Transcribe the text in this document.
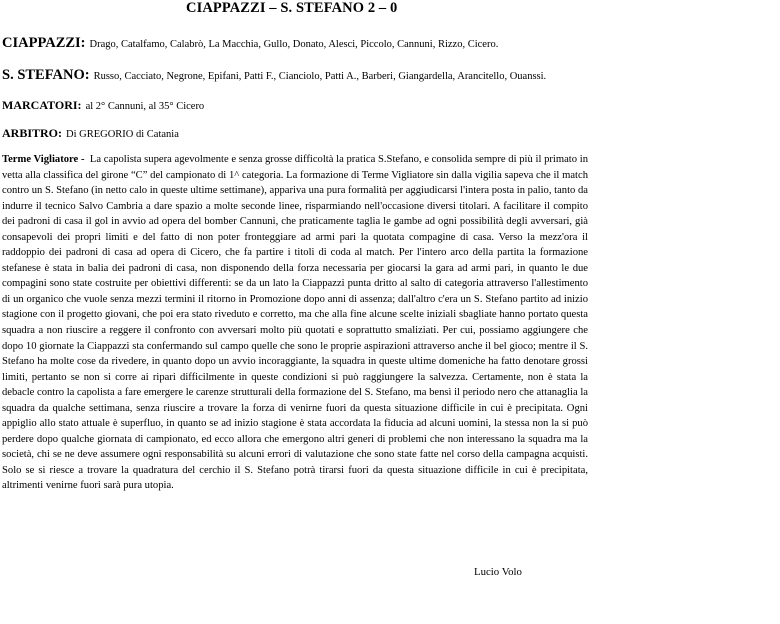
CIAPPAZZI – S. STEFANO 2 – 0
CIAPPAZZI: Drago, Catalfamo, Calabrò, La Macchia, Gullo, Donato, Alesci, Piccolo, Cannuni, Rizzo, Cicero.
S. STEFANO: Russo, Cacciato, Negrone, Epifani, Patti F., Cianciolo, Patti A., Barberi, Giangardella, Arancitello, Ouanssi.
MARCATORI: al 2° Cannuni, al 35° Cicero
ARBITRO: Di GREGORIO di Catania
Terme Vigliatore - La capolista supera agevolmente e senza grosse difficoltà la pratica S.Stefano, e consolida sempre di più il primato in vetta alla classifica del girone “C” del campionato di 1^ categoria. La formazione di Terme Vigliatore sin dalla vigilia sapeva che il match contro un S. Stefano (in netto calo in queste ultime settimane), appariva una pura formalità per aggiudicarsi l'intera posta in palio, tanto da indurre il tecnico Salvo Cambria a dare spazio a molte seconde linee, risparmiando nell'occasione diversi titolari. A facilitare il compito dei padroni di casa il gol in avvio ad opera del bomber Cannuni, che praticamente taglia le gambe ad ogni possibilità degli avversari, già consapevoli dei propri limiti e del fatto di non poter fronteggiare ad armi pari la quotata compagine di casa. Verso la mezz'ora il raddoppio dei padroni di casa ad opera di Cicero, che fa partire i titoli di coda al match. Per l'intero arco della partita la formazione stefanese è stata in balia dei padroni di casa, non disponendo della forza necessaria per giocarsi la gara ad armi pari, in quanto le due compagini sono state costruite per obiettivi differenti: se da un lato la Ciappazzi punta dritto al salto di categoria attraverso l'allestimento di un organico che vuole senza mezzi termini il ritorno in Promozione dopo anni di assenza; dall'altro c'era un S. Stefano partito ad inizio stagione con il progetto giovani, che poi era stato riveduto e corretto, ma che alla fine alcune scelte iniziali sbagliate hanno portato questa squadra a non riuscire a reggere il confronto con avversari molto più quotati e soprattutto smaliziati. Per cui, possiamo aggiungere che dopo 10 giornate la Ciappazzi sta confermando sul campo quelle che sono le proprie aspirazioni attraverso anche il bel gioco; mentre il S. Stefano ha molte cose da rivedere, in quanto dopo un avvio incoraggiante, la squadra in queste ultime domeniche ha fatto denotare grossi limiti, pertanto se non si corre ai ripari difficilmente in queste condizioni si può raggiungere la salvezza. Certamente, non è stata la debacle contro la capolista a fare emergere le carenze strutturali della formazione del S. Stefano, ma bensì il periodo nero che attanaglia la squadra da qualche settimana, senza riuscire a trovare la forza di venirne fuori da questa situazione difficile in cui è precipitata. Ogni appiglio allo stato attuale è superfluo, in quanto se ad inizio stagione è stata accordata la fiducia ad alcuni uomini, la stessa non la si può perdere dopo qualche giornata di campionato, ed ecco allora che emergono altri generi di problemi che non interessano la squadra ma la società, chi se ne deve assumere ogni responsabilità su alcuni errori di valutazione che sono state fatte nel corso della campagna acquisti. Solo se si riesce a trovare la quadratura del cerchio il S. Stefano potrà tirarsi fuori da questa situazione difficile in cui è precipitata, altrimenti venirne fuori sarà pura utopia.
Lucio Volo
